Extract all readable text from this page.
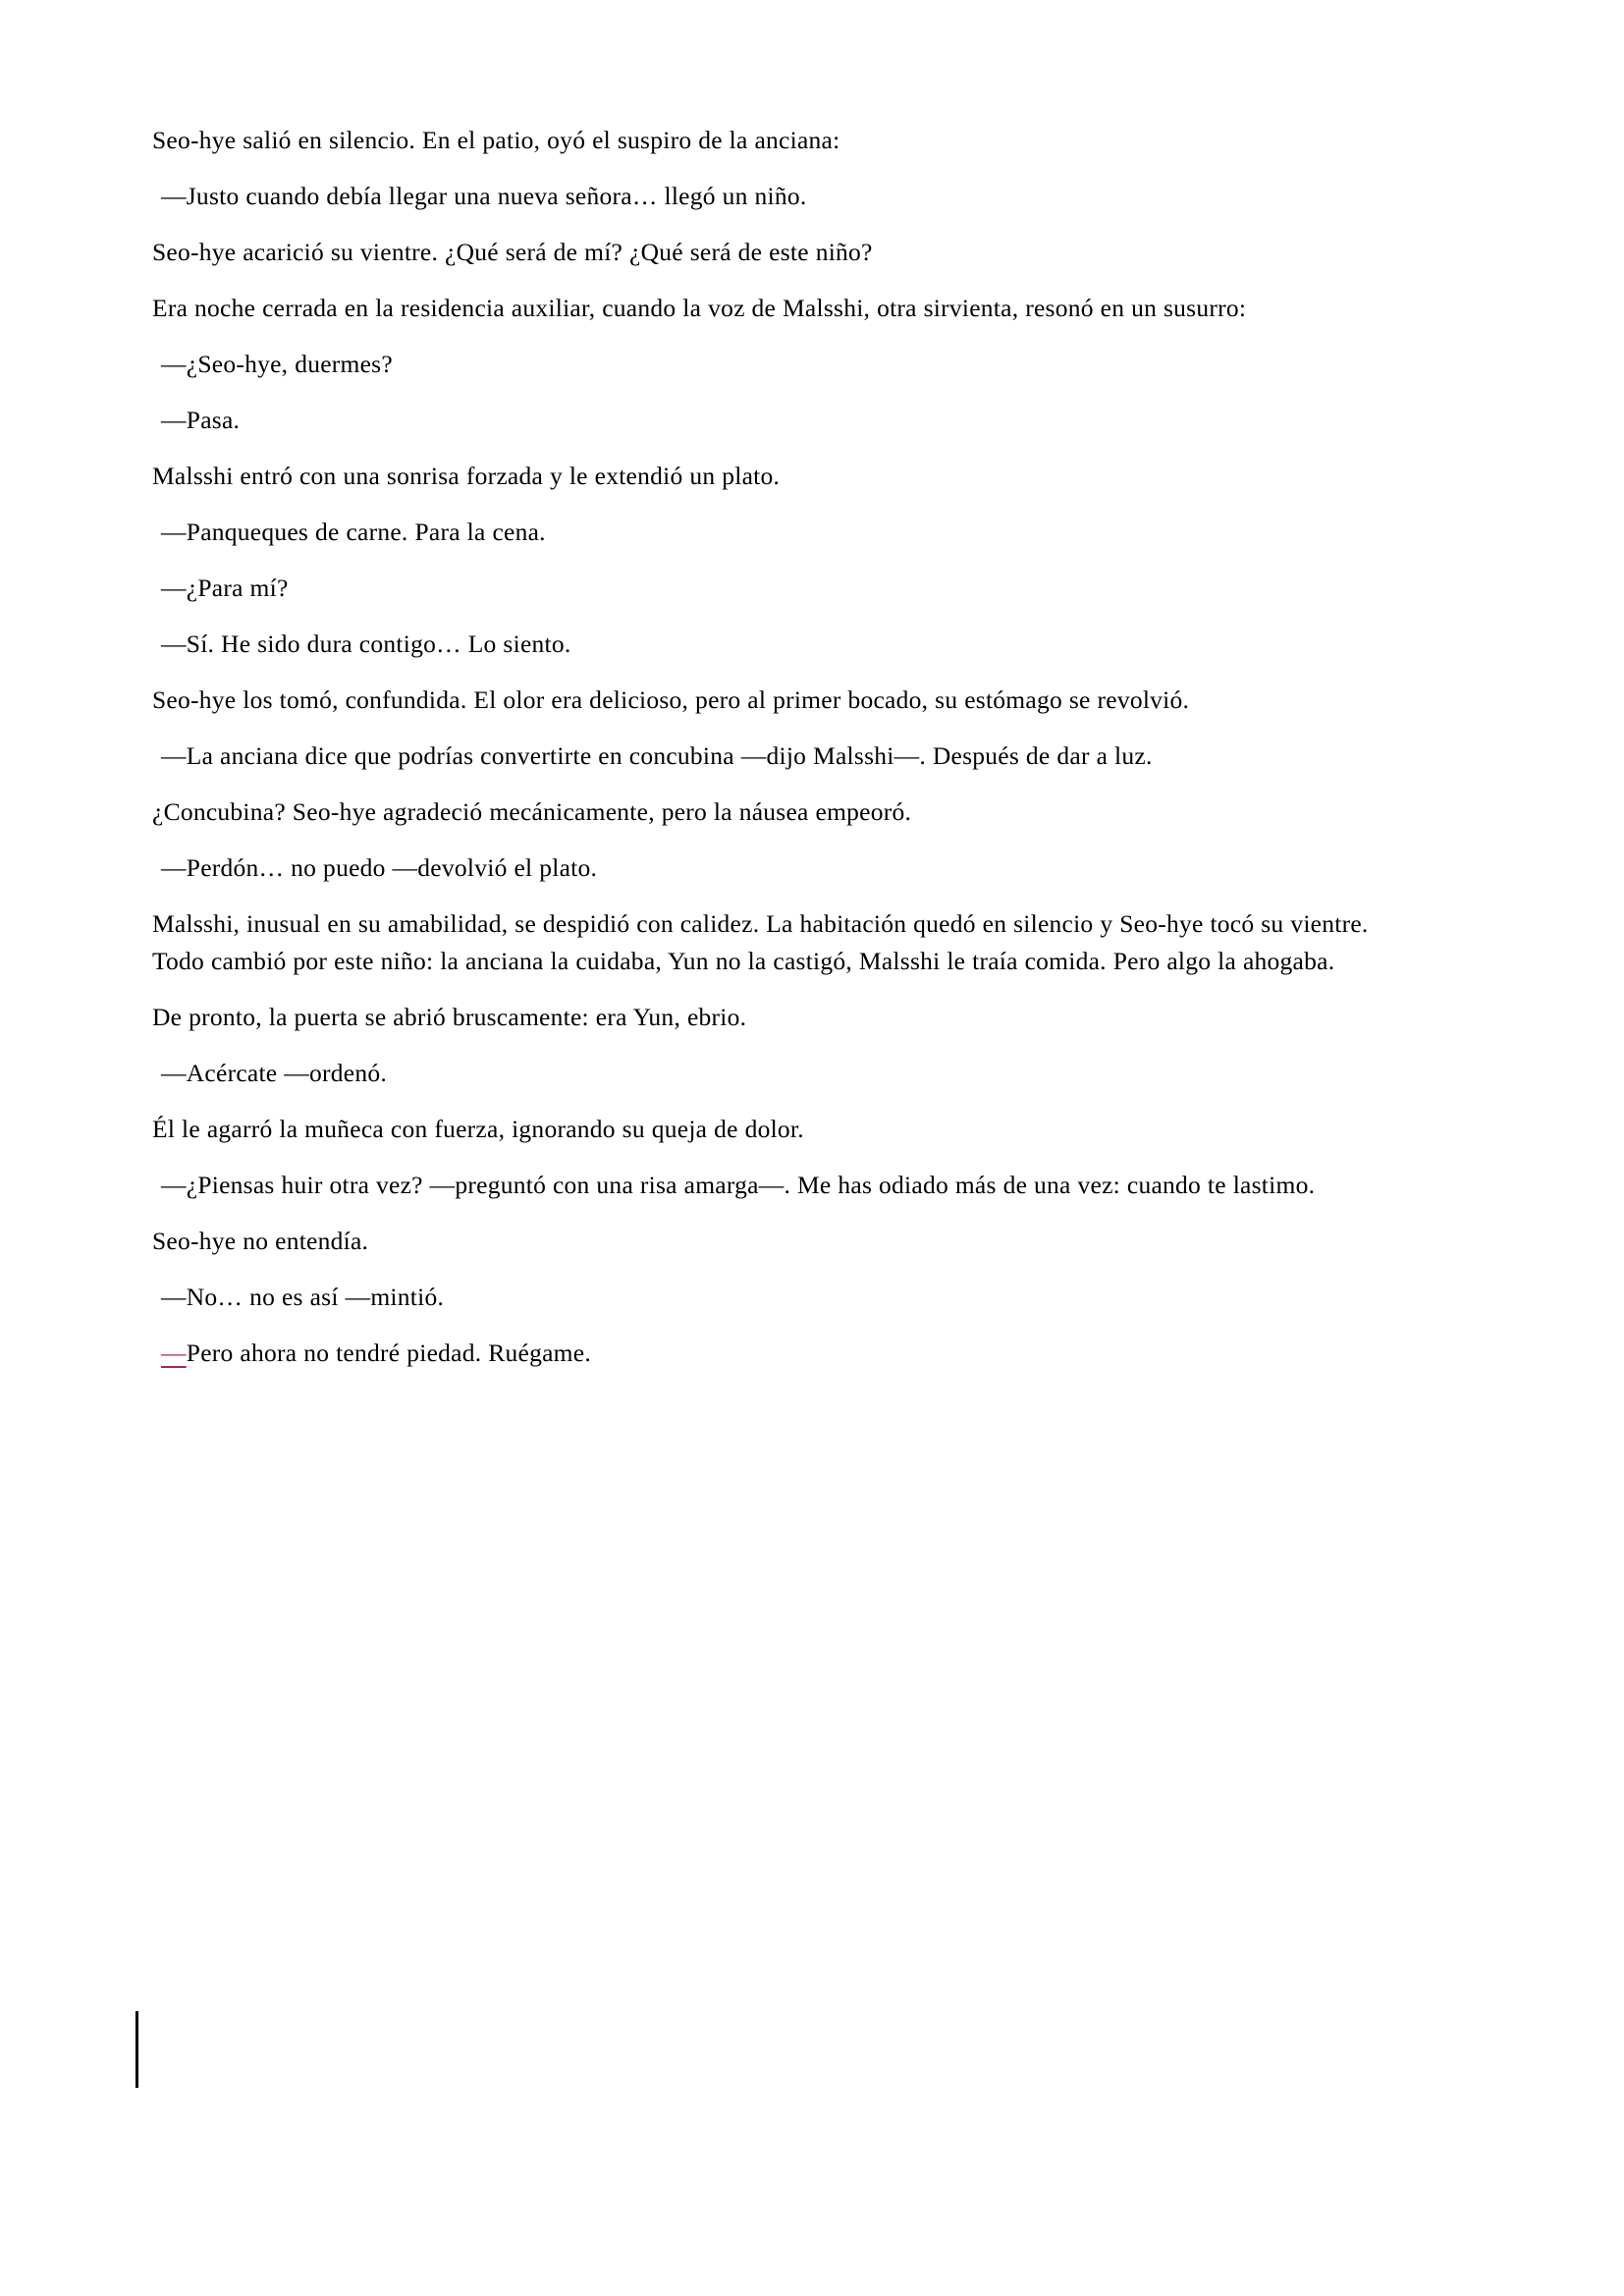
Seo-hye salió en silencio. En el patio, oyó el suspiro de la anciana:

—Justo cuando debía llegar una nueva señora… llegó un niño.

Seo-hye acarició su vientre. ¿Qué será de mí? ¿Qué será de este niño?

Era noche cerrada en la residencia auxiliar, cuando la voz de Malsshi, otra sirvienta, resonó en un susurro:

—¿Seo-hye, duermes?

—Pasa.

Malsshi entró con una sonrisa forzada y le extendió un plato.

—Panqueques de carne. Para la cena.

—¿Para mí?

—Sí. He sido dura contigo… Lo siento.

Seo-hye los tomó, confundida. El olor era delicioso, pero al primer bocado, su estómago se revolvió.

—La anciana dice que podrías convertirte en concubina —dijo Malsshi—. Después de dar a luz.

¿Concubina? Seo-hye agradeció mecánicamente, pero la náusea empeoró.

—Perdón… no puedo —devolvió el plato.

Malsshi, inusual en su amabilidad, se despidió con calidez. La habitación quedó en silencio y Seo-hye tocó su vientre. Todo cambió por este niño: la anciana la cuidaba, Yun no la castigó, Malsshi le traía comida. Pero algo la ahogaba.

De pronto, la puerta se abrió bruscamente: era Yun, ebrio.

—Acércate —ordenó.

Él le agarró la muñeca con fuerza, ignorando su queja de dolor.

—¿Piensas huir otra vez? —preguntó con una risa amarga—. Me has odiado más de una vez: cuando te lastimo.

Seo-hye no entendía.

—No… no es así —mintió.

—Pero ahora no tendré piedad. Ruégame.
